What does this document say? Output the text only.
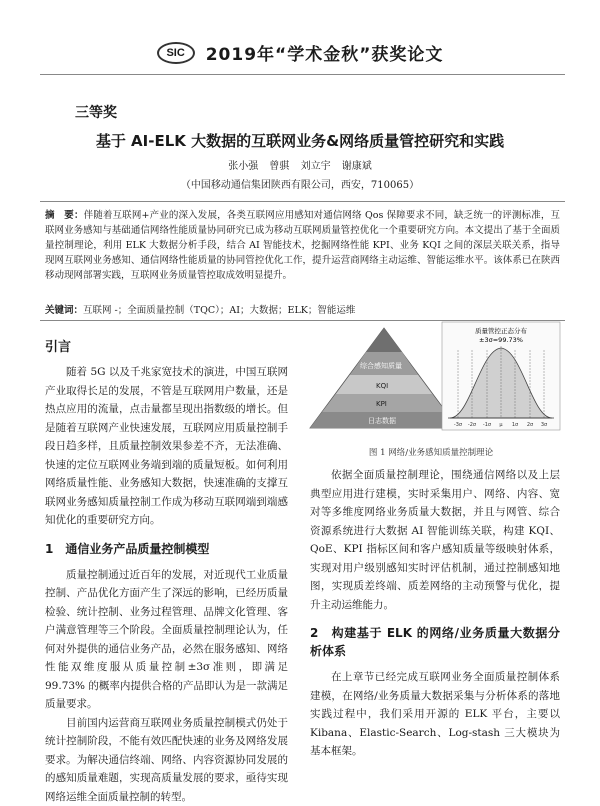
SIC 2019年“学术金秋”获奖论文
三等奖
基于 AI-ELK 大数据的互联网业务&网络质量管控研究和实践
张小强 曾骐 刘立宇 谢康斌
（中国移动通信集团陕西有限公司，西安，710065）
摘　要：伴随着互联网+产业的深入发展，各类互联网应用感知对通信网络 Qos 保障要求不同，缺乏统一的评测标准，互联网业务感知与基础通信网络性能质量协同研究已成为移动互联网质量管控优化一个重要研究方向。本文提出了基于全面质量控制理论，利用 ELK 大数据分析手段，结合 AI 智能技术，挖掘网络性能 KPI、业务 KQI 之间的深层关联关系，指导现网互联网业务感知、通信网络性能质量的协同管控优化工作，提升运营商网络主动运维、智能运维水平。该体系已在陕西移动现网部署实践，互联网业务质量管控取成效明显提升。
关键词：互联网 -；全面质量控制（TQC）；AI；大数据；ELK；智能运维
引言
随着 5G 以及千兆家宽技术的演进，中国互联网产业取得长足的发展，不管是互联网用户数量，还是热点应用的流量，点击量都呈现出指数级的增长。但是随着互联网产业快速发展，互联网应用质量控制手段日趋多样，且质量控制效果参差不齐，无法准确、快速的定位互联网业务端到端的质量短板。如何利用网络质量性能、业务感知大数据，快速准确的支撑互联网业务感知质量控制工作成为移动互联网端到端感知优化的重要研究方向。
1　通信业务产品质量控制模型
质量控制通过近百年的发展，对近现代工业质量控制、产品优化方面产生了深远的影响，已经历质量检验、统计控制、业务过程管理、品牌文化管理、客户满意管理等三个阶段。全面质量控制理论认为，任何对外提供的通信业务产品，必然在服务感知、网络性能双维度服从质量控制±3σ准则，即满足 99.73% 的概率内提供合格的产品即认为是一款满足质量要求。
目前国内运营商互联网业务质量控制模式仍处于统计控制阶段，不能有效匹配快速的业务及网络发展要求。为解决通信终端、网络、内容资源协同发展的的感知质量难题，实现高质量发展的要求，亟待实现网络运维全面质量控制的转型。
综合感知质量
KQI
KPI
日志数据
质量管控正态分布
±3σ=99.73%
-3σ -2σ -1σ μ 1σ 2σ 3σ
图 1 网络/业务感知质量控制理论
依据全面质量控制理论，围绕通信网络以及上层典型应用进行建模，实时采集用户、网络、内容、宽对等多维度网络业务质量大数据，并且与网管、综合资源系统进行大数据 AI 智能训练关联，构建 KQI、QoE、KPI 指标区间和客户感知质量等级映射体系，实现对用户级别感知实时评估机制，通过控制感知地图，实现质差终端、质差网络的主动预警与优化，提升主动运维能力。
2　构建基于 ELK 的网络/业务质量大数据分析体系
在上章节已经完成互联网业务全面质量控制体系建模，在网络/业务质量大数据采集与分析体系的落地实践过程中，我们采用开源的 ELK 平台，主要以 Kibana、Elastic-Search、Log-stash 三大模块为基本框架。
